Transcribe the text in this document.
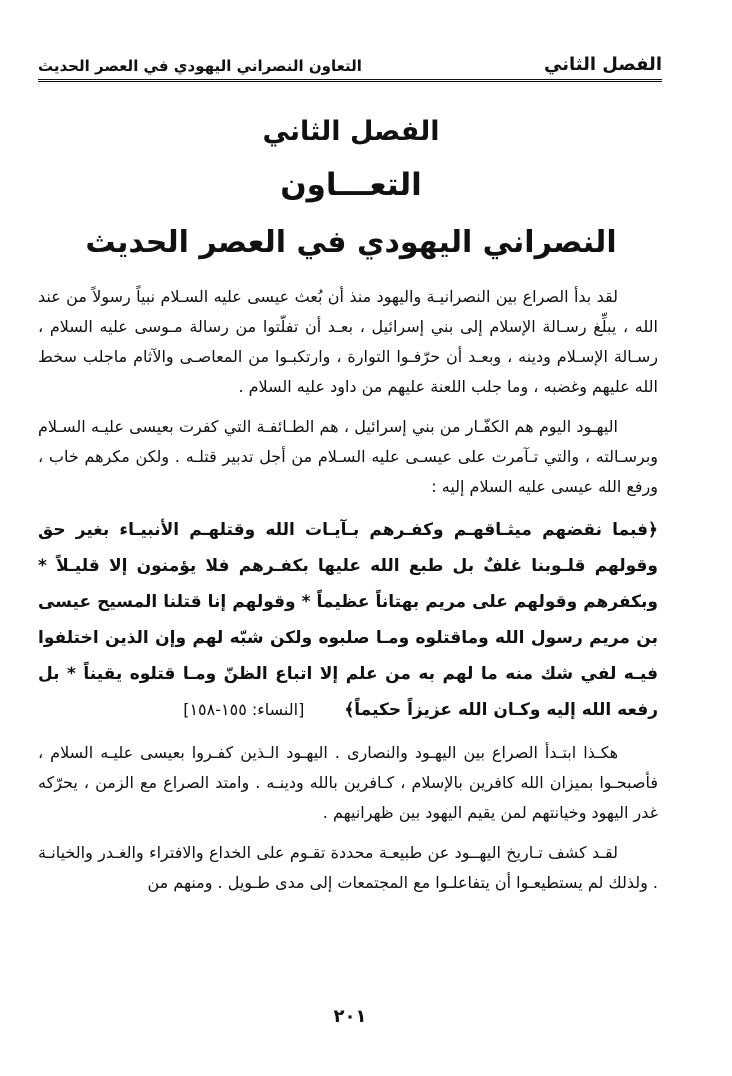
الفصل الثاني
التعاون النصراني اليهودي في العصر الحديث
الفصل الثاني
التعـــاون
النصراني اليهودي في العصر الحديث

لقد بدأ الصراع بين النصرانيـة واليهود منذ أن بُعث عيسى عليه السـلام نبياً رسولاً من عند الله ، يبلِّغ رسـالة الإسلام إلى بني إسرائيل ، بعـد أن تفلّتوا من رسالة مـوسى عليه السلام ، رسـالة الإسـلام ودينه ، وبعـد أن حرّفـوا التوارة ، وارتكبـوا من المعاصـى والآثام ماجلب سخط الله عليهم وغضبه ، وما جلب اللعنة عليهم من داود عليه السلام .

اليهـود اليوم هم الكفّـار من بني إسرائيل ، هم الطـائفـة التي كفرت بعيسى عليـه السـلام وبرسـالته ، والتي تـآمرت على عيسـى عليه السـلام من أجل تدبير قتلـه . ولكن مكرهم خاب ، ورفع الله عيسى عليه السلام إليه :

﴿فبما نقضهم ميثـاقهـم وكفـرهم بـآيـات الله وقتلهـم الأنبيـاء بغير حق وقولهم قلـوبنا غلفٌ بل طبع الله عليها بكفـرهم فلا يؤمنون إلا قليـلاً * وبكفرهم وقولهم على مريم بهتاناً عظيماً * وقولهم إنا قتلنا المسيح عيسى بن مريم رسول الله وماقتلوه ومـا صلبوه ولكن شبّه لهم وإن الذين اختلفوا فيـه لفي شك منه ما لهم به من علم إلا اتباع الظنّ ومـا قتلوه يقيناً * بل رفعه الله إليه وكـان الله عزيزاً حكيماً﴾[النساء: ١٥٥-١٥٨]

هكـذا ابتـدأ الصراع بين اليهـود والنصارى . اليهـود الـذين كفـروا بعيسى عليـه السلام ، فأصبحـوا بميزان الله كافرين بالإسلام ، كـافرين بالله ودينـه . وامتد الصراع مع الزمن ، يحرّكه غدر اليهود وخيانتهم لمن يقيم اليهود بين ظهرانيهم .

لقـد كشف تـاريخ اليهــود عن طبيعـة محددة تقـوم على الخداع والافتراء والغـدر والخيانـة . ولذلك لم يستطيعـوا أن يتفاعلـوا مع المجتمعات إلى مدى طـويل . ومنهم من

٢٠١
